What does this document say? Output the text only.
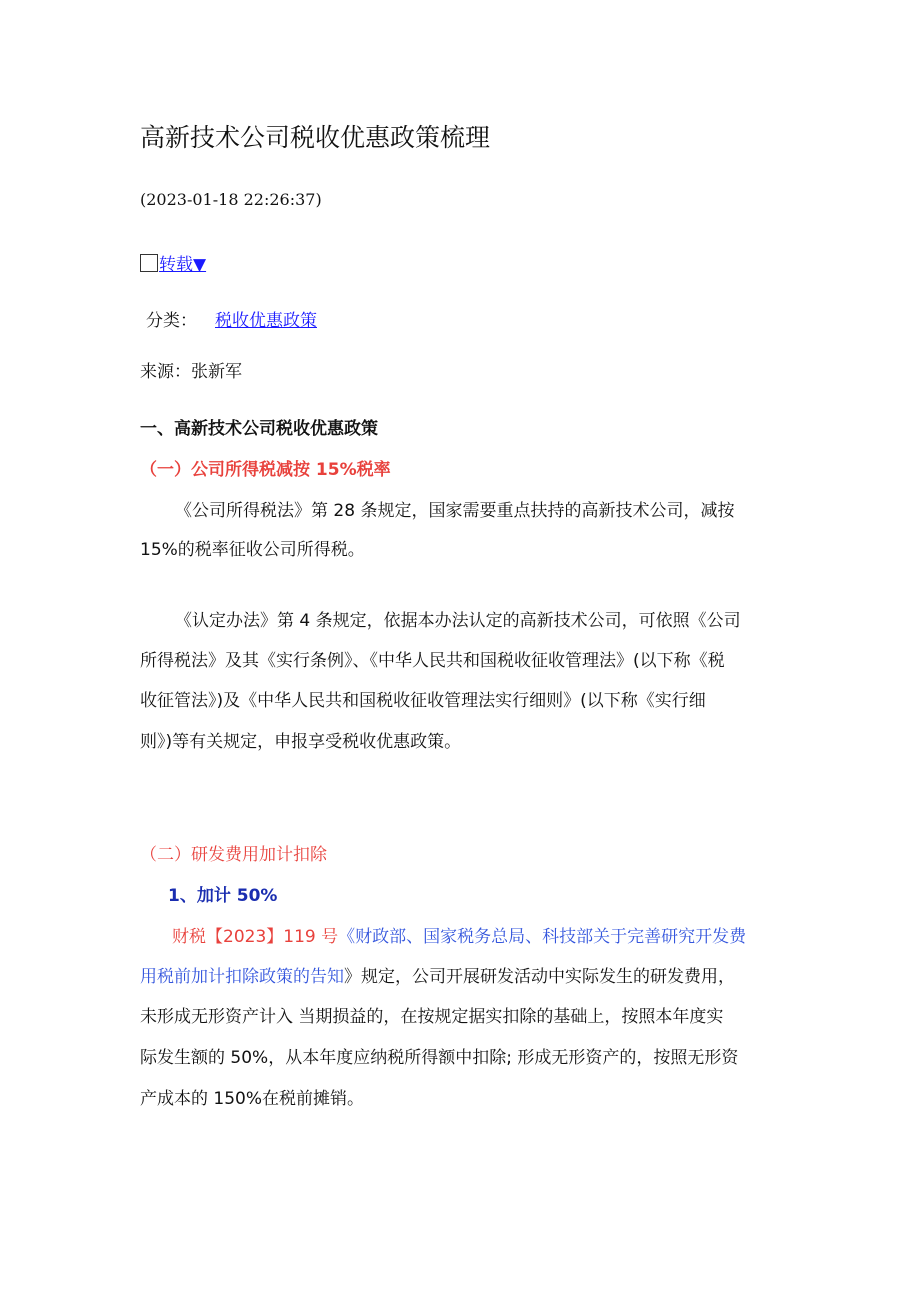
高新技术公司税收优惠政策梳理
(2023-01-18 22:26:37)
转载▼
分类： 税收优惠政策
来源：张新军
一、高新技术公司税收优惠政策
（一）公司所得税减按 15%税率
《公司所得税法》第 28 条规定，国家需要重点扶持的高新技术公司，减按
15%的税率征收公司所得税。
《认定办法》第 4 条规定，依据本办法认定的高新技术公司，可依照《公司
所得税法》及其《实行条例》、《中华人民共和国税收征收管理法》(以下称《税
收征管法》)及《中华人民共和国税收征收管理法实行细则》(以下称《实行细
则》)等有关规定，申报享受税收优惠政策。
（二）研发费用加计扣除
1、加计 50%
财税【2023】119 号《财政部、国家税务总局、科技部关于完善研究开发费
用税前加计扣除政策的告知》规定，公司开展研发活动中实际发生的研发费用，
未形成无形资产计入 当期损益的，在按规定据实扣除的基础上，按照本年度实
际发生额的 50%，从本年度应纳税所得额中扣除; 形成无形资产的，按照无形资
产成本的 150%在税前摊销。
